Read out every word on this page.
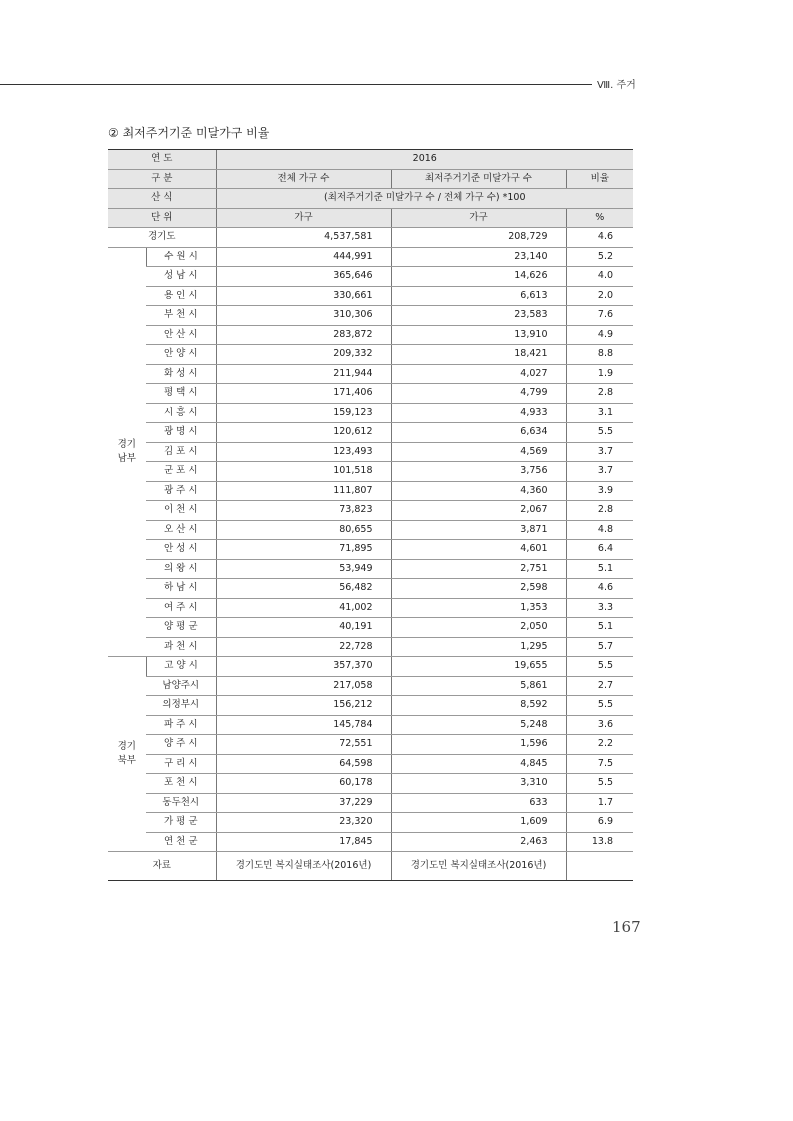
Ⅷ. 주거
② 최저주거기준 미달가구 비율
연 도		2016		
구 분		전체 가구 수	최저주거기준 미달가구 수	비율
산 식		(최저주거기준 미달가구 수 / 전체 가구 수) *100		
단 위		가구	가구	%
경기도		4,537,581	208,729	4.6
경기
남부	수 원 시	444,991	23,140	5.2
	성 남 시	365,646	14,626	4.0
	용 인 시	330,661	6,613	2.0
	부 천 시	310,306	23,583	7.6
	안 산 시	283,872	13,910	4.9
	안 양 시	209,332	18,421	8.8
	화 성 시	211,944	4,027	1.9
	평 택 시	171,406	4,799	2.8
	시 흥 시	159,123	4,933	3.1
	광 명 시	120,612	6,634	5.5
	김 포 시	123,493	4,569	3.7
	군 포 시	101,518	3,756	3.7
	광 주 시	111,807	4,360	3.9
	이 천 시	73,823	2,067	2.8
	오 산 시	80,655	3,871	4.8
	안 성 시	71,895	4,601	6.4
	의 왕 시	53,949	2,751	5.1
	하 남 시	56,482	2,598	4.6
	여 주 시	41,002	1,353	3.3
	양 평 군	40,191	2,050	5.1
	과 천 시	22,728	1,295	5.7
경기
북부	고 양 시	357,370	19,655	5.5
	남양주시	217,058	5,861	2.7
	의정부시	156,212	8,592	5.5
	파 주 시	145,784	5,248	3.6
	양 주 시	72,551	1,596	2.2
	구 리 시	64,598	4,845	7.5
	포 천 시	60,178	3,310	5.5
	동두천시	37,229	633	1.7
	가 평 군	23,320	1,609	6.9
	연 천 군	17,845	2,463	13.8
자료		경기도민 복지실태조사(2016년)	경기도민 복지실태조사(2016년)	
167
